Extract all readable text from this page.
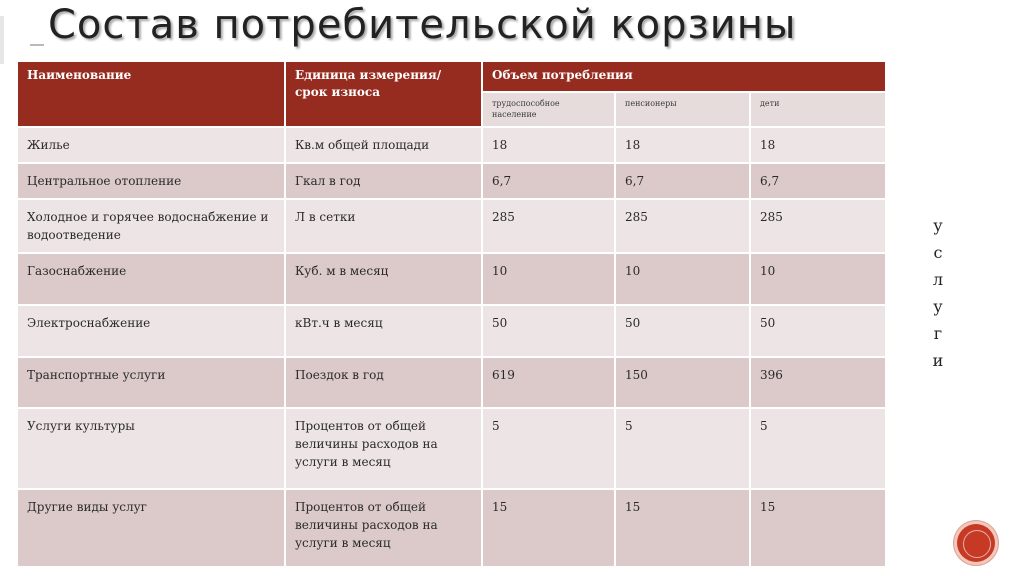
Состав потребительской корзины
Наименование	Единица измерения/ срок износа	Объем потребления		
		трудоспособное население	пенсионеры	дети
Жилье	Кв.м общей площади	18	18	18
Центральное отопление	Гкал в год	6,7	6,7	6,7
Холодное и горячее водоснабжение и водоотведение	Л в сетки	285	285	285
Газоснабжение	Куб. м в месяц	10	10	10
Электроснабжение	кВт.ч в месяц	50	50	50
Транспортные услуги	Поездок в год	619	150	396
Услуги культуры	Процентов от общей величины расходов на услуги в месяц	5	5	5
Другие виды услуг	Процентов от общей величины расходов на услуги в месяц	15	15	15
у
с
л
у
г
и
